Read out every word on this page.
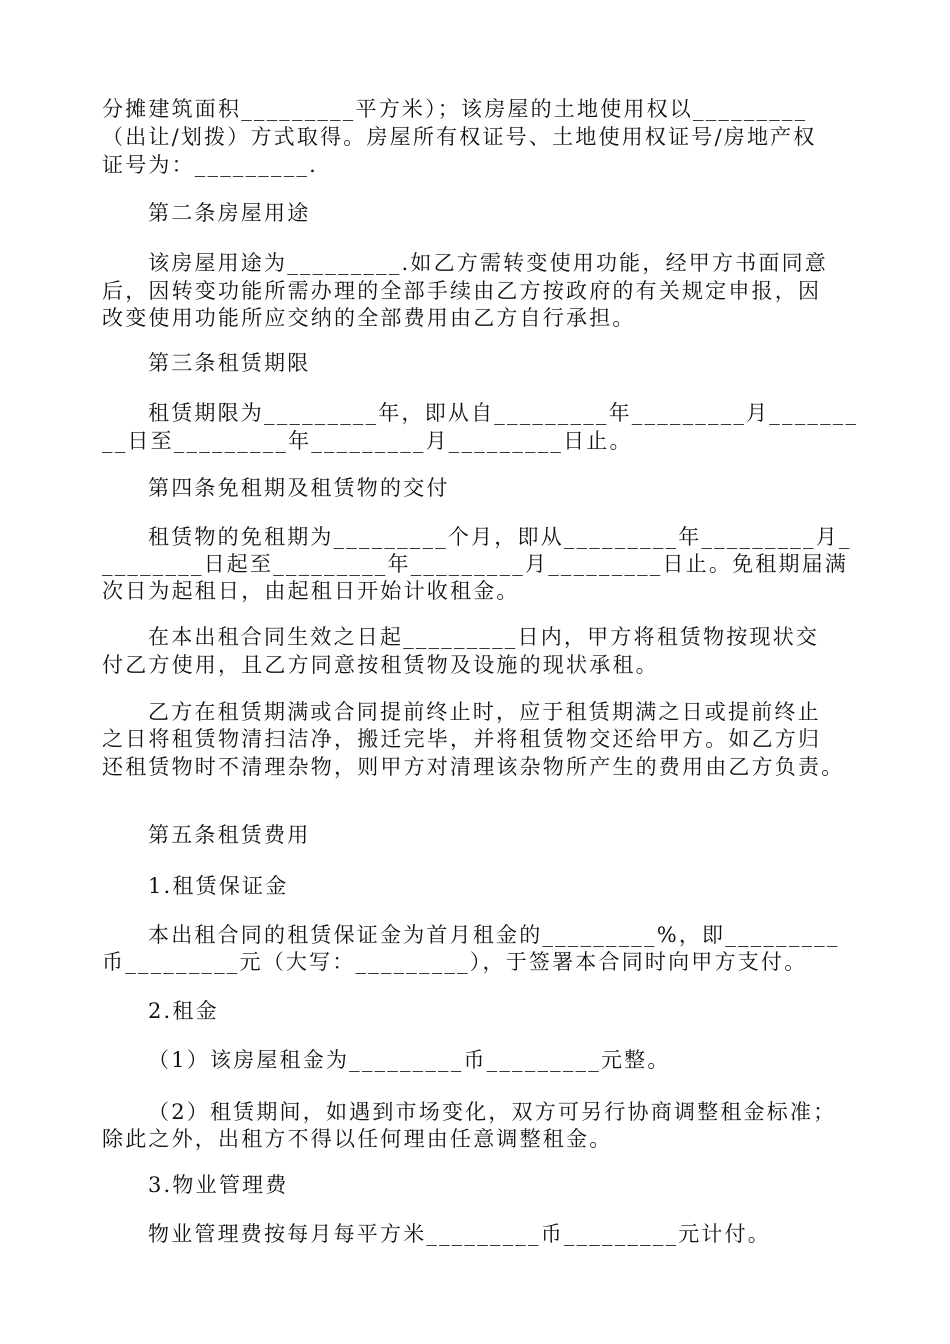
分摊建筑面积_________平方米）；该房屋的土地使用权以_________
（出让/划拨）方式取得。房屋所有权证号、土地使用权证号/房地产权
证号为：_________.
第二条房屋用途
该房屋用途为_________.如乙方需转变使用功能，经甲方书面同意
后，因转变功能所需办理的全部手续由乙方按政府的有关规定申报，因
改变使用功能所应交纳的全部费用由乙方自行承担。
第三条租赁期限
租赁期限为_________年，即从自_________年_________月_______
__日至_________年_________月_________日止。
第四条免租期及租赁物的交付
租赁物的免租期为_________个月，即从_________年_________月_
________日起至_________年_________月_________日止。免租期届满
次日为起租日，由起租日开始计收租金。
在本出租合同生效之日起_________日内，甲方将租赁物按现状交
付乙方使用，且乙方同意按租赁物及设施的现状承租。
乙方在租赁期满或合同提前终止时，应于租赁期满之日或提前终止
之日将租赁物清扫洁净，搬迁完毕，并将租赁物交还给甲方。如乙方归
还租赁物时不清理杂物，则甲方对清理该杂物所产生的费用由乙方负责。
第五条租赁费用
1.租赁保证金
本出租合同的租赁保证金为首月租金的_________%，即_________
币_________元（大写：_________），于签署本合同时向甲方支付。
2.租金
（1）该房屋租金为_________币_________元整。
（2）租赁期间，如遇到市场变化，双方可另行协商调整租金标准；
除此之外，出租方不得以任何理由任意调整租金。
3.物业管理费
物业管理费按每月每平方米_________币_________元计付。
